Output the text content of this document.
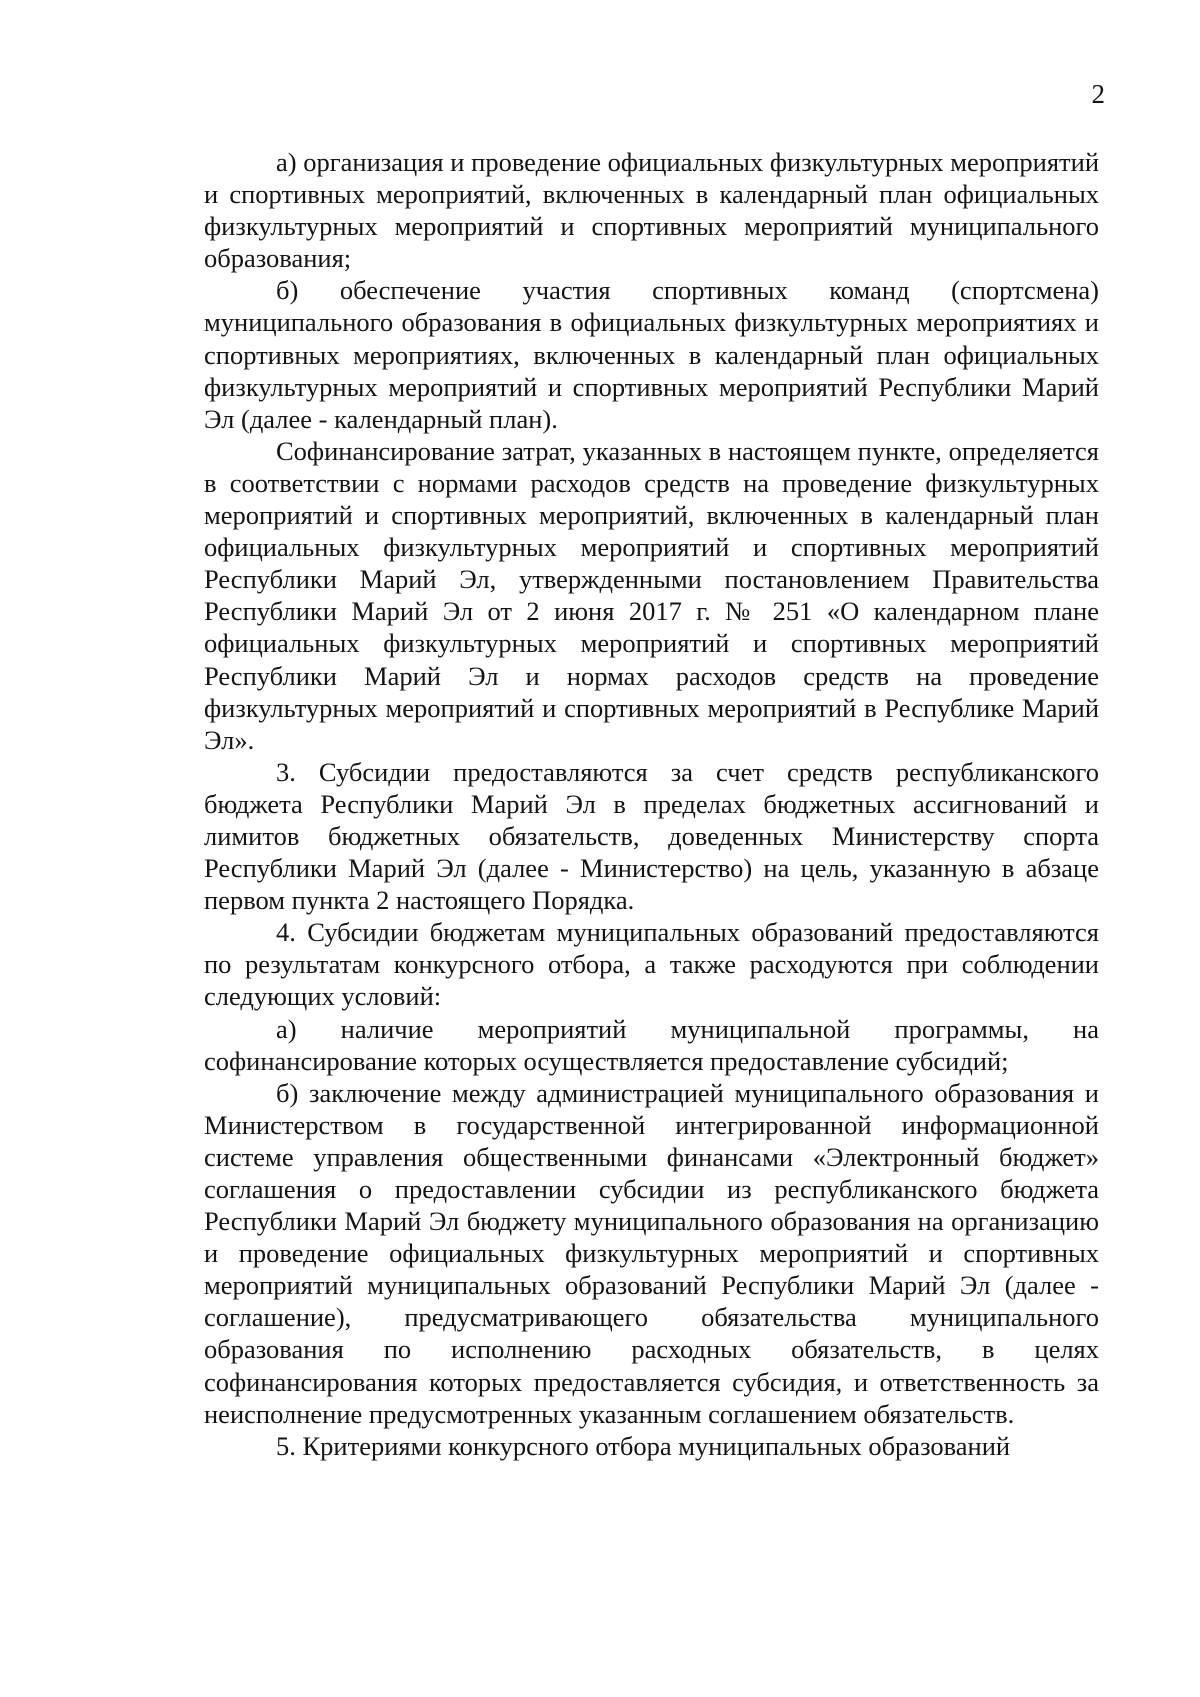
2

а) организация и проведение официальных физкультурных мероприятий и спортивных мероприятий, включенных в календарный план официальных физкультурных мероприятий и спортивных мероприятий муниципального образования;

б) обеспечение участия спортивных команд (спортсмена) муниципального образования в официальных физкультурных мероприятиях и спортивных мероприятиях, включенных в календарный план официальных физкультурных мероприятий и спортивных мероприятий Республики Марий Эл (далее - календарный план).

Софинансирование затрат, указанных в настоящем пункте, определяется в соответствии с нормами расходов средств на проведение физкультурных мероприятий и спортивных мероприятий, включенных в календарный план официальных физкультурных мероприятий и спортивных мероприятий Республики Марий Эл, утвержденными постановлением Правительства Республики Марий Эл от 2 июня 2017 г. № 251 «О календарном плане официальных физкультурных мероприятий и спортивных мероприятий Республики Марий Эл и нормах расходов средств на проведение физкультурных мероприятий и спортивных мероприятий в Республике Марий Эл».

3. Субсидии предоставляются за счет средств республиканского бюджета Республики Марий Эл в пределах бюджетных ассигнований и лимитов бюджетных обязательств, доведенных Министерству спорта Республики Марий Эл (далее - Министерство) на цель, указанную в абзаце первом пункта 2 настоящего Порядка.

4. Субсидии бюджетам муниципальных образований предоставляются по результатам конкурсного отбора, а также расходуются при соблюдении следующих условий:

а) наличие мероприятий муниципальной программы, на софинансирование которых осуществляется предоставление субсидий;

б) заключение между администрацией муниципального образования и Министерством в государственной интегрированной информационной системе управления общественными финансами «Электронный бюджет» соглашения о предоставлении субсидии из республиканского бюджета Республики Марий Эл бюджету муниципального образования на организацию и проведение официальных физкультурных мероприятий и спортивных мероприятий муниципальных образований Республики Марий Эл (далее - соглашение), предусматривающего обязательства муниципального образования по исполнению расходных обязательств, в целях софинансирования которых предоставляется субсидия, и ответственность за неисполнение предусмотренных указанным соглашением обязательств.

5. Критериями конкурсного отбора муниципальных образований
